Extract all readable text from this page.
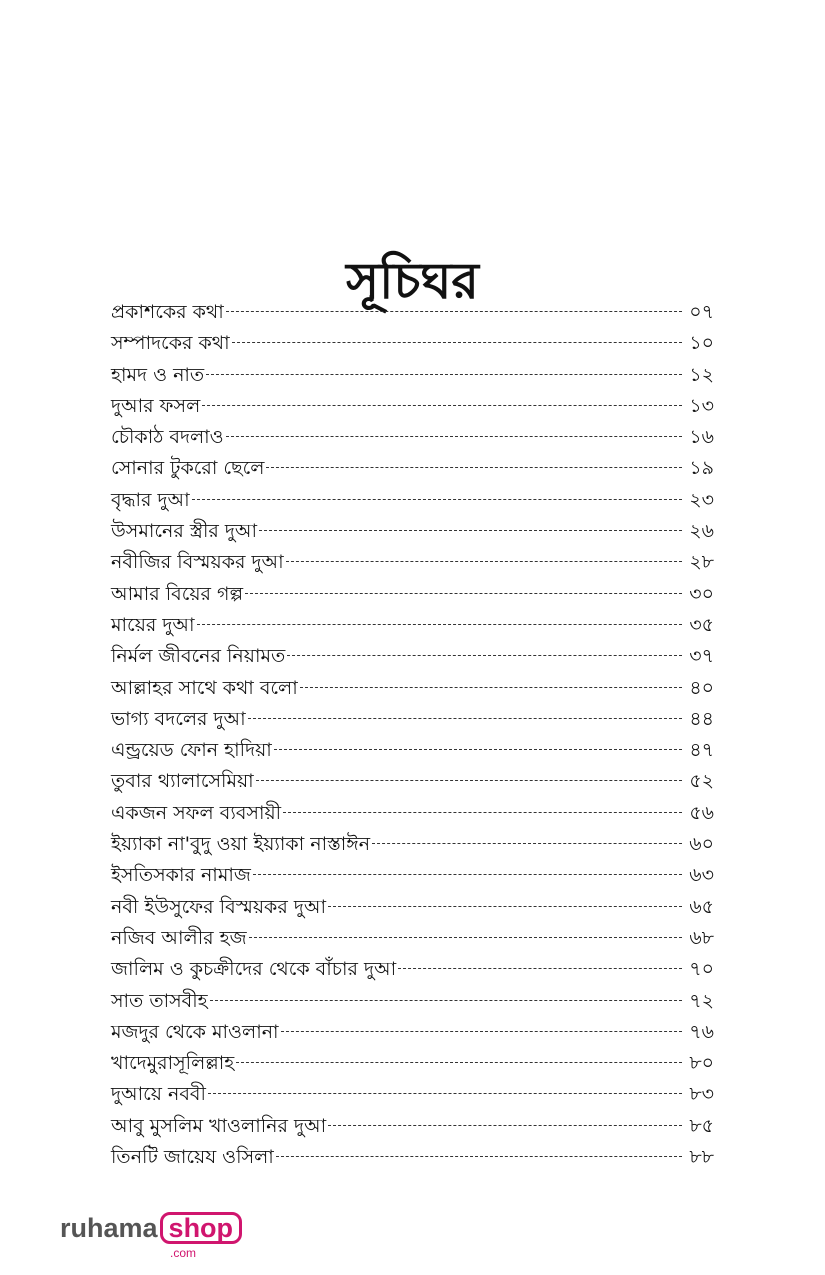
সূচিঘর
প্রকাশকের কথা	০৭
সম্পাদকের কথা	১০
হামদ ও নাত	১২
দুআর ফসল	১৩
চৌকাঠ বদলাও	১৬
সোনার টুকরো ছেলে	১৯
বৃদ্ধার দুআ	২৩
উসমানের স্ত্রীর দুআ	২৬
নবীজির বিস্ময়কর দুআ	২৮
আমার বিয়ের গল্প	৩০
মায়ের দুআ	৩৫
নির্মল জীবনের নিয়ামত	৩৭
আল্লাহর সাথে কথা বলো	৪০
ভাগ্য বদলের দুআ	৪৪
এন্ড্রয়েড ফোন হাদিয়া	৪৭
তুবার থ্যালাসেমিয়া	৫২
একজন সফল ব্যবসায়ী	৫৬
ইয়্যাকা না'বুদু ওয়া ইয়্যাকা নাস্তাঈন	৬০
ইসতিসকার নামাজ	৬৩
নবী ইউসুফের বিস্ময়কর দুআ	৬৫
নজিব আলীর হজ	৬৮
জালিম ও কুচক্রীদের থেকে বাঁচার দুআ	৭০
সাত তাসবীহ	৭২
মজদুর থেকে মাওলানা	৭৬
খাদেমুরাসূলিল্লাহ	৮০
দুআয়ে নববী	৮৩
আবু মুসলিম খাওলানির দুআ	৮৫
তিনটি জায়েয ওসিলা	৮৮
ruhama shop
.com
